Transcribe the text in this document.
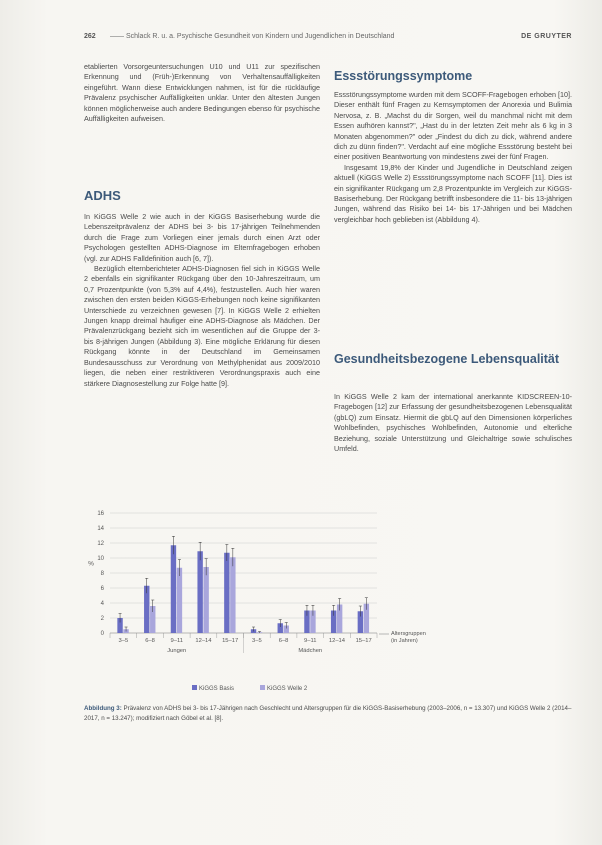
262 —— Schlack R. u. a. Psychische Gesundheit von Kindern und Jugendlichen in Deutschland	DE GRUYTER

etablierten Vorsorgeuntersuchungen U10 und U11 zur spezifischen Erkennung und (Früh-)Erkennung von Verhaltensauffälligkeiten eingeführt. Wann diese Entwicklungen nahmen, ist für die rückläufige Prävalenz psychischer Auffälligkeiten unklar. Unter den ältesten Jungen können möglicherweise auch andere Bedingungen ebenso für psychische Auffälligkeiten aufweisen.

ADHS

In KiGGS Welle 2 wie auch in der KiGGS Basiserhebung wurde die Lebenszeitprävalenz der ADHS bei 3- bis 17-jährigen Teilnehmenden durch die Frage zum Vorliegen einer jemals durch einen Arzt oder Psychologen gestellten ADHS-Diagnose im Elternfragebogen erhoben (vgl. zur ADHS Falldefinition auch [6, 7]).

Bezüglich elternberichteter ADHS-Diagnosen fiel sich in KiGGS Welle 2 ebenfalls ein signifikanter Rückgang über den 10-Jahreszeitraum, um 0,7 Prozentpunkte (von 5,3% auf 4,4%), festzustellen. Auch hier waren zwischen den ersten beiden KiGGS-Erhebungen noch keine signifikanten Unterschiede zu verzeichnen gewesen [7]. In KiGGS Welle 2 erhielten Jungen knapp dreimal häufiger eine ADHS-Diagnose als Mädchen. Der Prävalenzrückgang bezieht sich im wesentlichen auf die Gruppe der 3- bis 8-jährigen Jungen (Abbildung 3). Eine mögliche Erklärung für diesen Rückgang könnte in der Deutschland im Gemeinsamen Bundesausschuss zur Verordnung von Methylphenidat aus 2009/2010 liegen, die neben einer restriktiveren Verordnungspraxis auch eine stärkere Diagnosestellung zur Folge hatte [9].

Essstörungssymptome

Essstörungssymptome wurden mit dem SCOFF-Fragebogen erhoben [10]. Dieser enthält fünf Fragen zu Kernsymptomen der Anorexia und Bulimia Nervosa, z. B. „Machst du dir Sorgen, weil du manchmal nicht mit dem Essen aufhören kannst?", „Hast du in der letzten Zeit mehr als 6 kg in 3 Monaten abgenommen?" oder „Findest du dich zu dick, während andere dich zu dünn finden?". Verdacht auf eine mögliche Essstörung besteht bei einer positiven Beantwortung von mindestens zwei der fünf Fragen.

Insgesamt 19,8% der Kinder und Jugendliche in Deutschland zeigen aktuell (KiGGS Welle 2) Essstörungssymptome nach SCOFF [11]. Dies ist ein signifikanter Rückgang um 2,8 Prozentpunkte im Vergleich zur KiGGS-Basiserhebung. Der Rückgang betrifft insbesondere die 11- bis 13-jährigen Jungen, während das Risiko bei 14- bis 17-Jährigen und bei Mädchen vergleichbar hoch geblieben ist (Abbildung 4).

Gesundheitsbezogene Lebensqualität

In KiGGS Welle 2 kam der international anerkannte KIDSCREEN-10-Fragebogen [12] zur Erfassung der gesundheitsbezogenen Lebensqualität (gbLQ) zum Einsatz. Hiermit die gbLQ auf den Dimensionen körperliches Wohlbefinden, psychisches Wohlbefinden, Autonomie und elterliche Beziehung, soziale Unterstützung und Gleichaltrige sowie schulisches Umfeld.

0
2
4
6
8
10
12
14
16
%
3–5	6–8	9–11 12–14 15–17 3–5	6–8	9–11 12–14 15–17
Jungen	Mädchen
Altersgruppen
(in Jahren)
KiGGS Basis	KiGGS Welle 2
Abbildung 3: Prävalenz von ADHS bei 3- bis 17-Jährigen nach Geschlecht und Altersgruppen für die KiGGS-Basiserhebung (2003–2006, n = 13.307) und KiGGS Welle 2 (2014–2017, n = 13.247); modifiziert nach Göbel et al. [8].
